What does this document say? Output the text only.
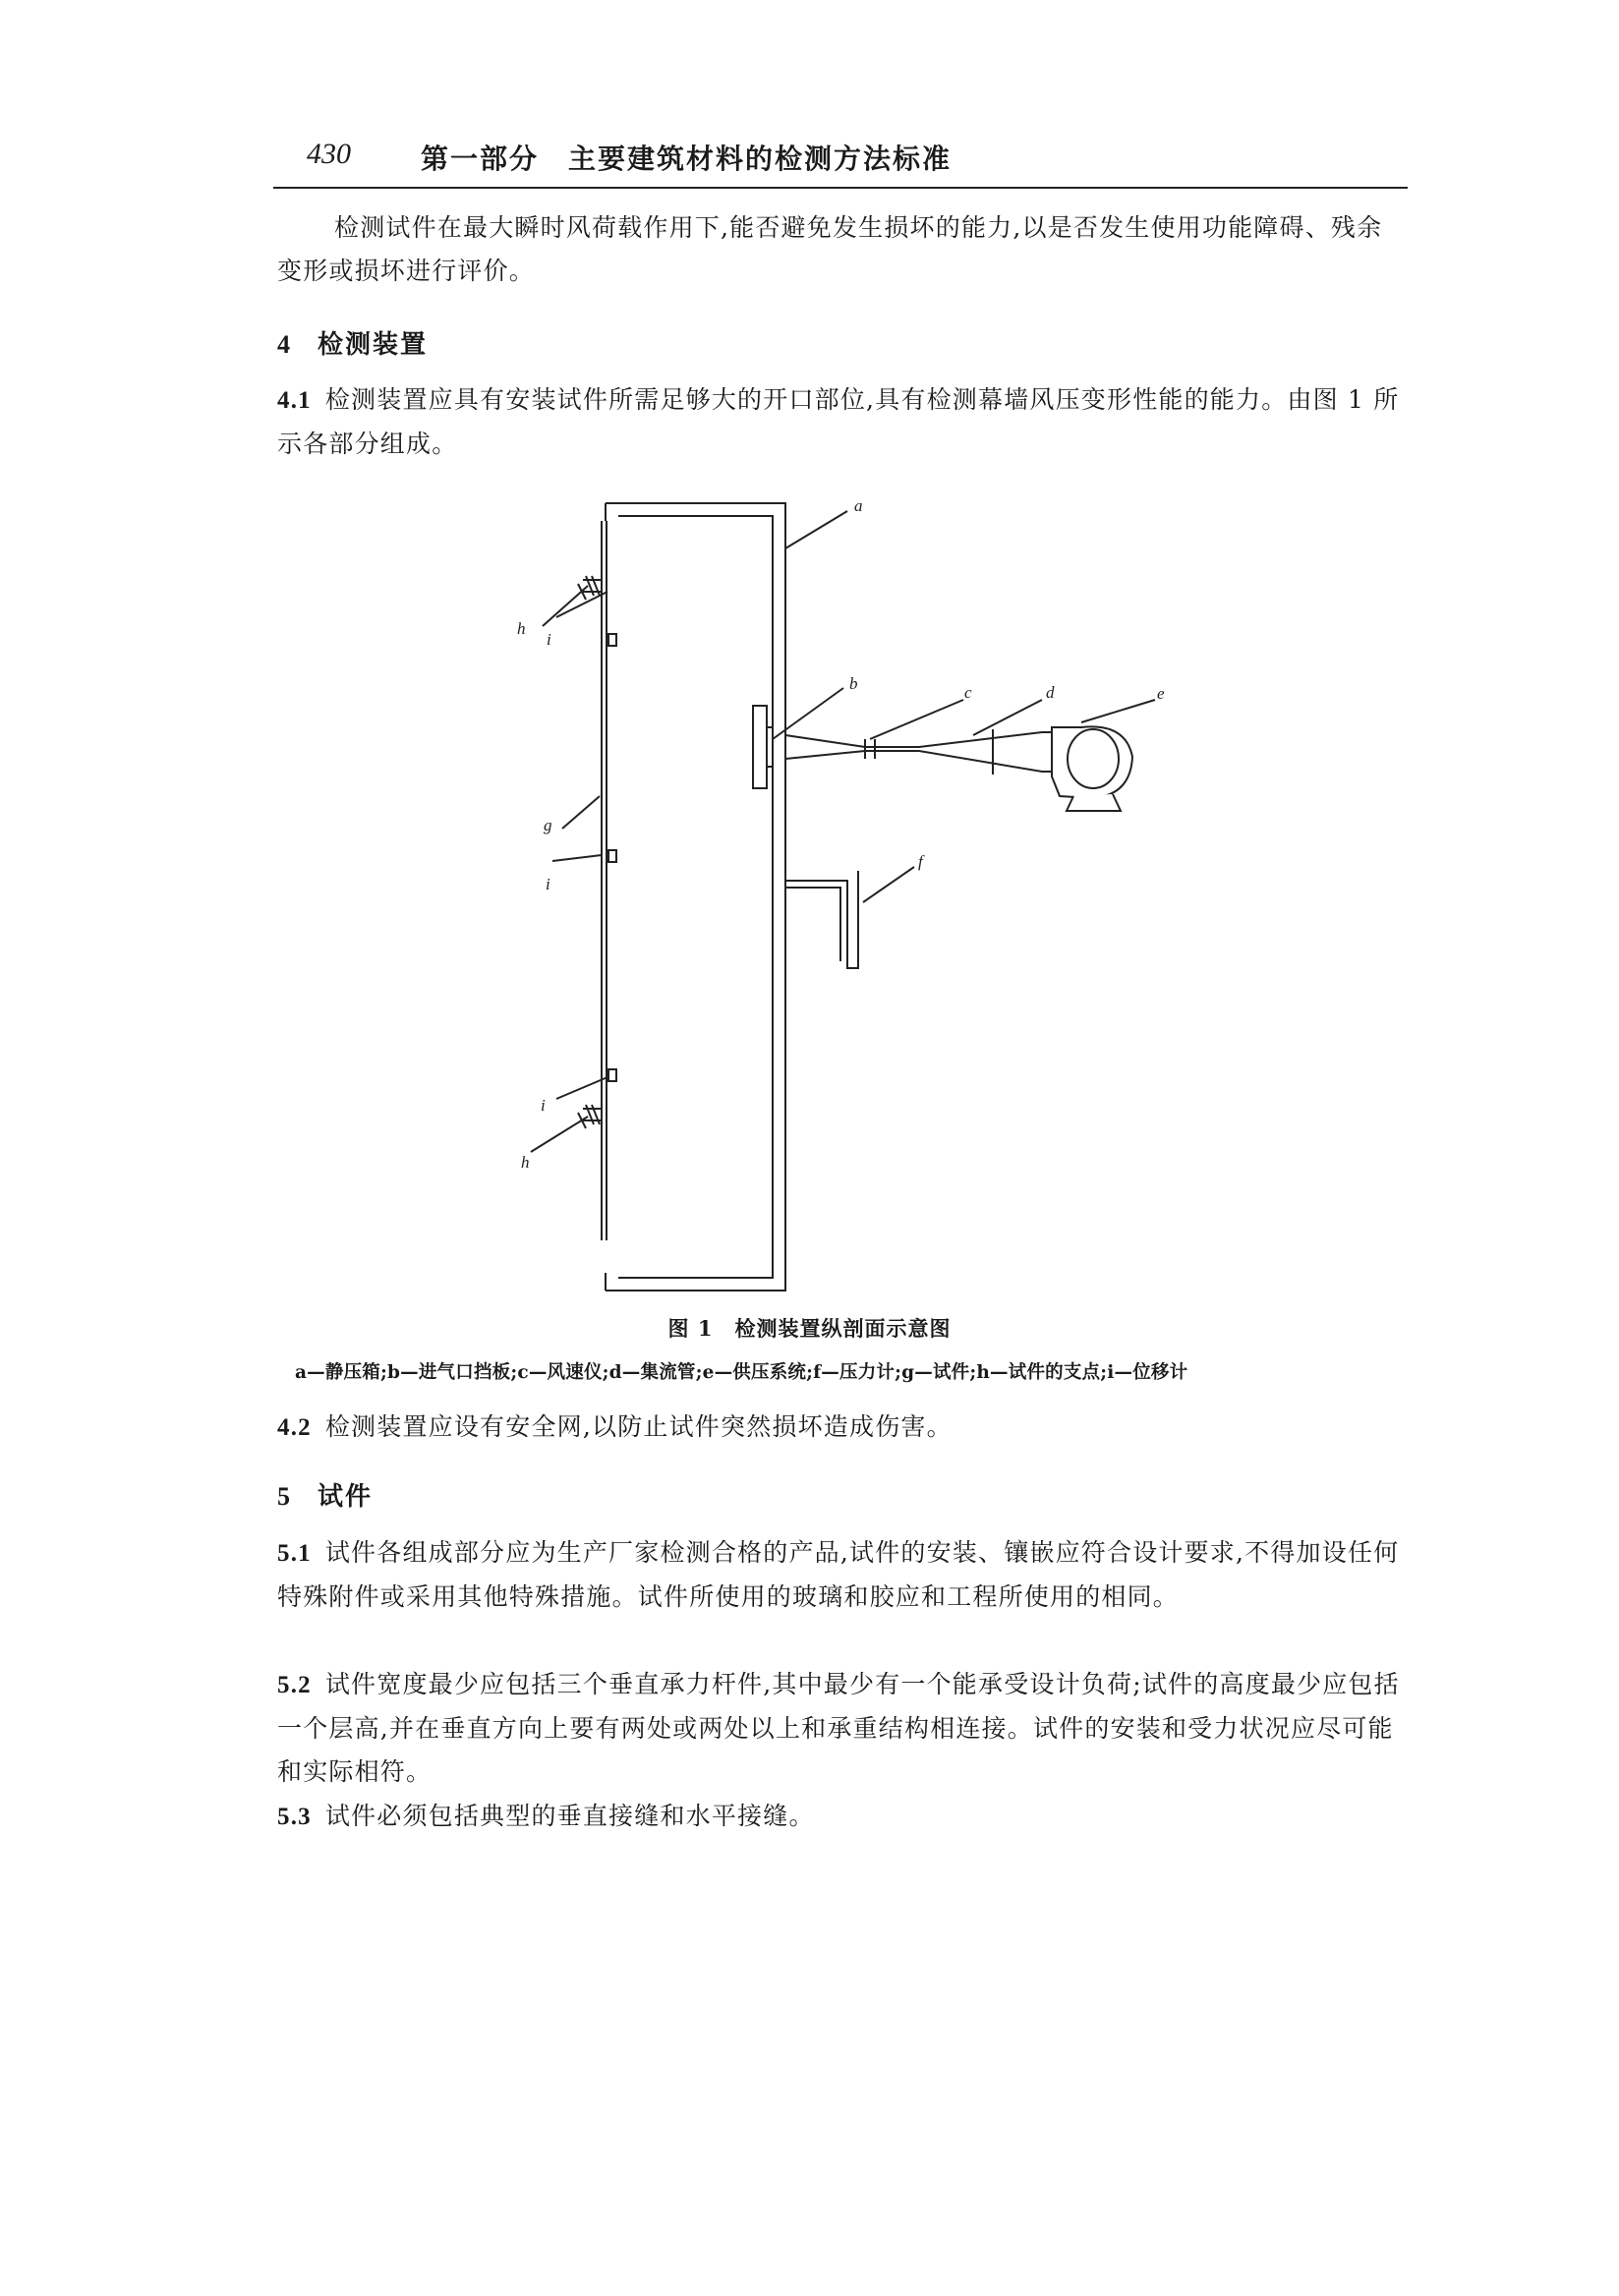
430	第一部分　主要建筑材料的检测方法标准
检测试件在最大瞬时风荷载作用下,能否避免发生损坏的能力,以是否发生使用功能障碍、残余变形或损坏进行评价。
4 检测装置
4.1 检测装置应具有安装试件所需足够大的开口部位,具有检测幕墙风压变形性能的能力。由图 1 所示各部分组成。
a
b	c	d	e
f
g
h
i
i
i
h
图 1　检测装置纵剖面示意图
a—静压箱;b—进气口挡板;c—风速仪;d—集流管;e—供压系统;f—压力计;g—试件;h—试件的支点;i—位移计
4.2 检测装置应设有安全网,以防止试件突然损坏造成伤害。
5 试件
5.1 试件各组成部分应为生产厂家检测合格的产品,试件的安装、镶嵌应符合设计要求,不得加设任何特殊附件或采用其他特殊措施。试件所使用的玻璃和胶应和工程所使用的相同。
5.2 试件宽度最少应包括三个垂直承力杆件,其中最少有一个能承受设计负荷;试件的高度最少应包括一个层高,并在垂直方向上要有两处或两处以上和承重结构相连接。试件的安装和受力状况应尽可能和实际相符。
5.3 试件必须包括典型的垂直接缝和水平接缝。
